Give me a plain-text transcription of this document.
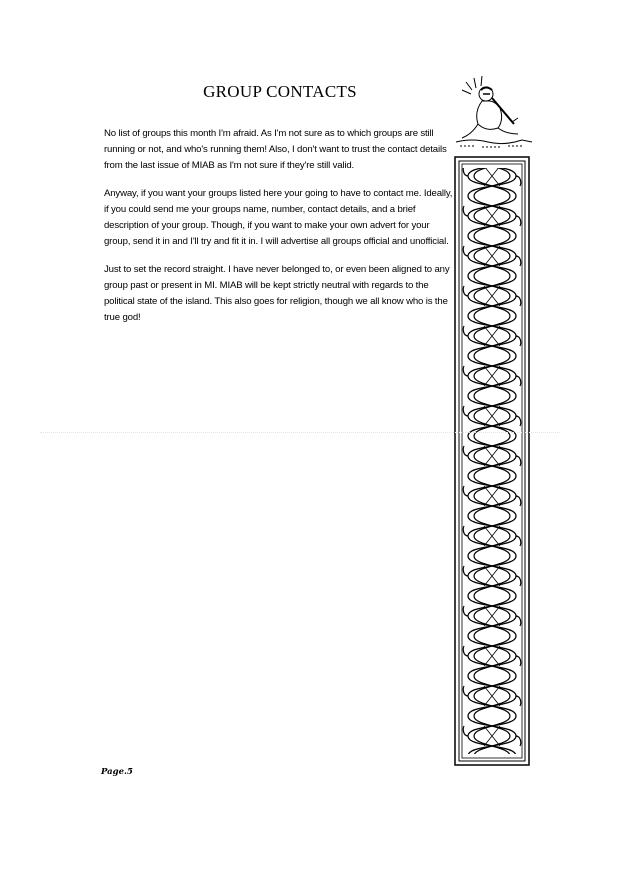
GROUP CONTACTS

No list of groups this month I'm afraid. As I'm not sure as to which groups are still running or not, and who's running them! Also, I don't want to trust the contact details from the last issue of MIAB as I'm not sure if they're still valid.

Anyway, if you want your groups listed here your going to have to contact me. Ideally, if you could send me your groups name, number, contact details, and a brief description of your group. Though, if you want to make your own advert for your group, send it in and I'll try and fit it in. I will advertise all groups official and unofficial.

Just to set the record straight. I have never belonged to, or even been aligned to any group past or present in MI. MIAB will be kept strictly neutral with regards to the political state of the island. This also goes for religion, though we all know who is the true god!

Page.5
